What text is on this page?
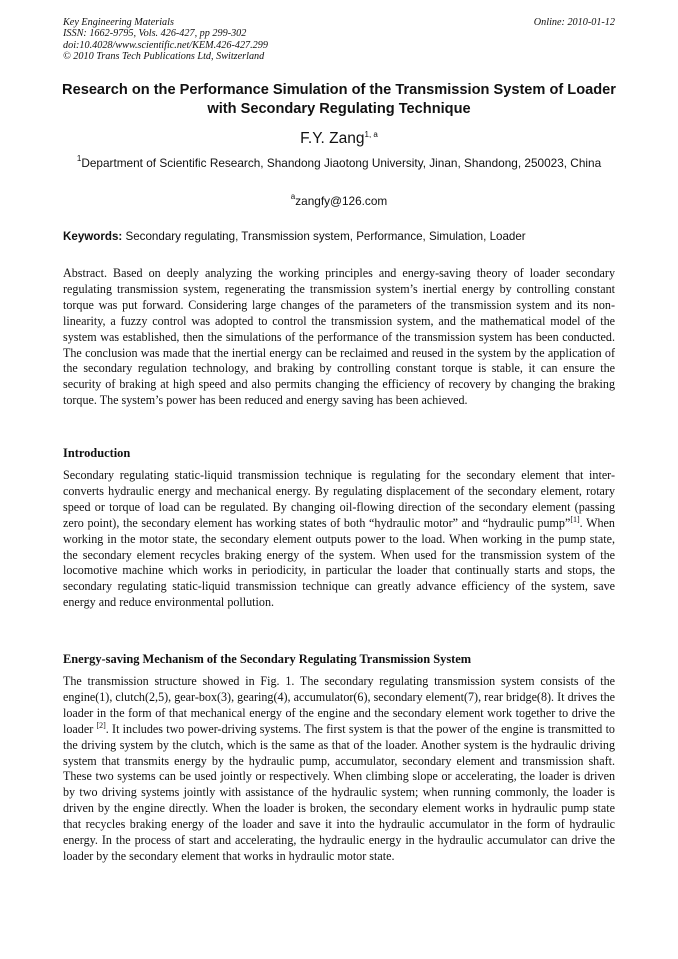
Key Engineering Materials
ISSN: 1662-9795, Vols. 426-427, pp 299-302
doi:10.4028/www.scientific.net/KEM.426-427.299
© 2010 Trans Tech Publications Ltd, Switzerland
Online: 2010-01-12
Research on the Performance Simulation of the Transmission System of Loader with Secondary Regulating Technique
F.Y. Zang$^{1, a}$
$^1$Department of Scientific Research, Shandong Jiaotong University, Jinan, Shandong, 250023, China
$^a$zangfy@126.com
Keywords: Secondary regulating, Transmission system, Performance, Simulation, Loader
Abstract. Based on deeply analyzing the working principles and energy-saving theory of loader secondary regulating transmission system, regenerating the transmission system’s inertial energy by controlling constant torque was put forward. Considering large changes of the parameters of the transmission system and its non-linearity, a fuzzy control was adopted to control the transmission system, and the mathematical model of the system was established, then the simulations of the performance of the transmission system has been conducted. The conclusion was made that the inertial energy can be reclaimed and reused in the system by the application of the secondary regulation technology, and braking by controlling constant torque is stable, it can ensure the security of braking at high speed and also permits changing the efficiency of recovery by changing the braking torque. The system’s power has been reduced and energy saving has been achieved.
Introduction
Secondary regulating static-liquid transmission technique is regulating for the secondary element that inter-converts hydraulic energy and mechanical energy. By regulating displacement of the secondary element, rotary speed or torque of load can be regulated. By changing oil-flowing direction of the secondary element (passing zero point), the secondary element has working states of both “hydraulic motor” and “hydraulic pump”[1]. When working in the motor state, the secondary element outputs power to the load. When working in the pump state, the secondary element recycles braking energy of the system. When used for the transmission system of the locomotive machine which works in periodicity, in particular the loader that continually starts and stops, the secondary regulating static-liquid transmission technique can greatly advance efficiency of the system, save energy and reduce environmental pollution.
Energy-saving Mechanism of the Secondary Regulating Transmission System
The transmission structure showed in Fig. 1. The secondary regulating transmission system consists of the engine(1), clutch(2,5), gear-box(3), gearing(4), accumulator(6), secondary element(7), rear bridge(8). It drives the loader in the form of that mechanical energy of the engine and the secondary element work together to drive the loader [2]. It includes two power-driving systems. The first system is that the power of the engine is transmitted to the driving system by the clutch, which is the same as that of the loader. Another system is the hydraulic driving system that transmits energy by the hydraulic pump, accumulator, secondary element and transmission shaft. These two systems can be used jointly or respectively. When climbing slope or accelerating, the loader is driven by two driving systems jointly with assistance of the hydraulic system; when running commonly, the loader is driven by the engine directly. When the loader is broken, the secondary element works in hydraulic pump state that recycles braking energy of the loader and save it into the hydraulic accumulator in the form of hydraulic energy. In the process of start and accelerating, the hydraulic energy in the hydraulic accumulator can drive the loader by the secondary element that works in hydraulic motor state.
